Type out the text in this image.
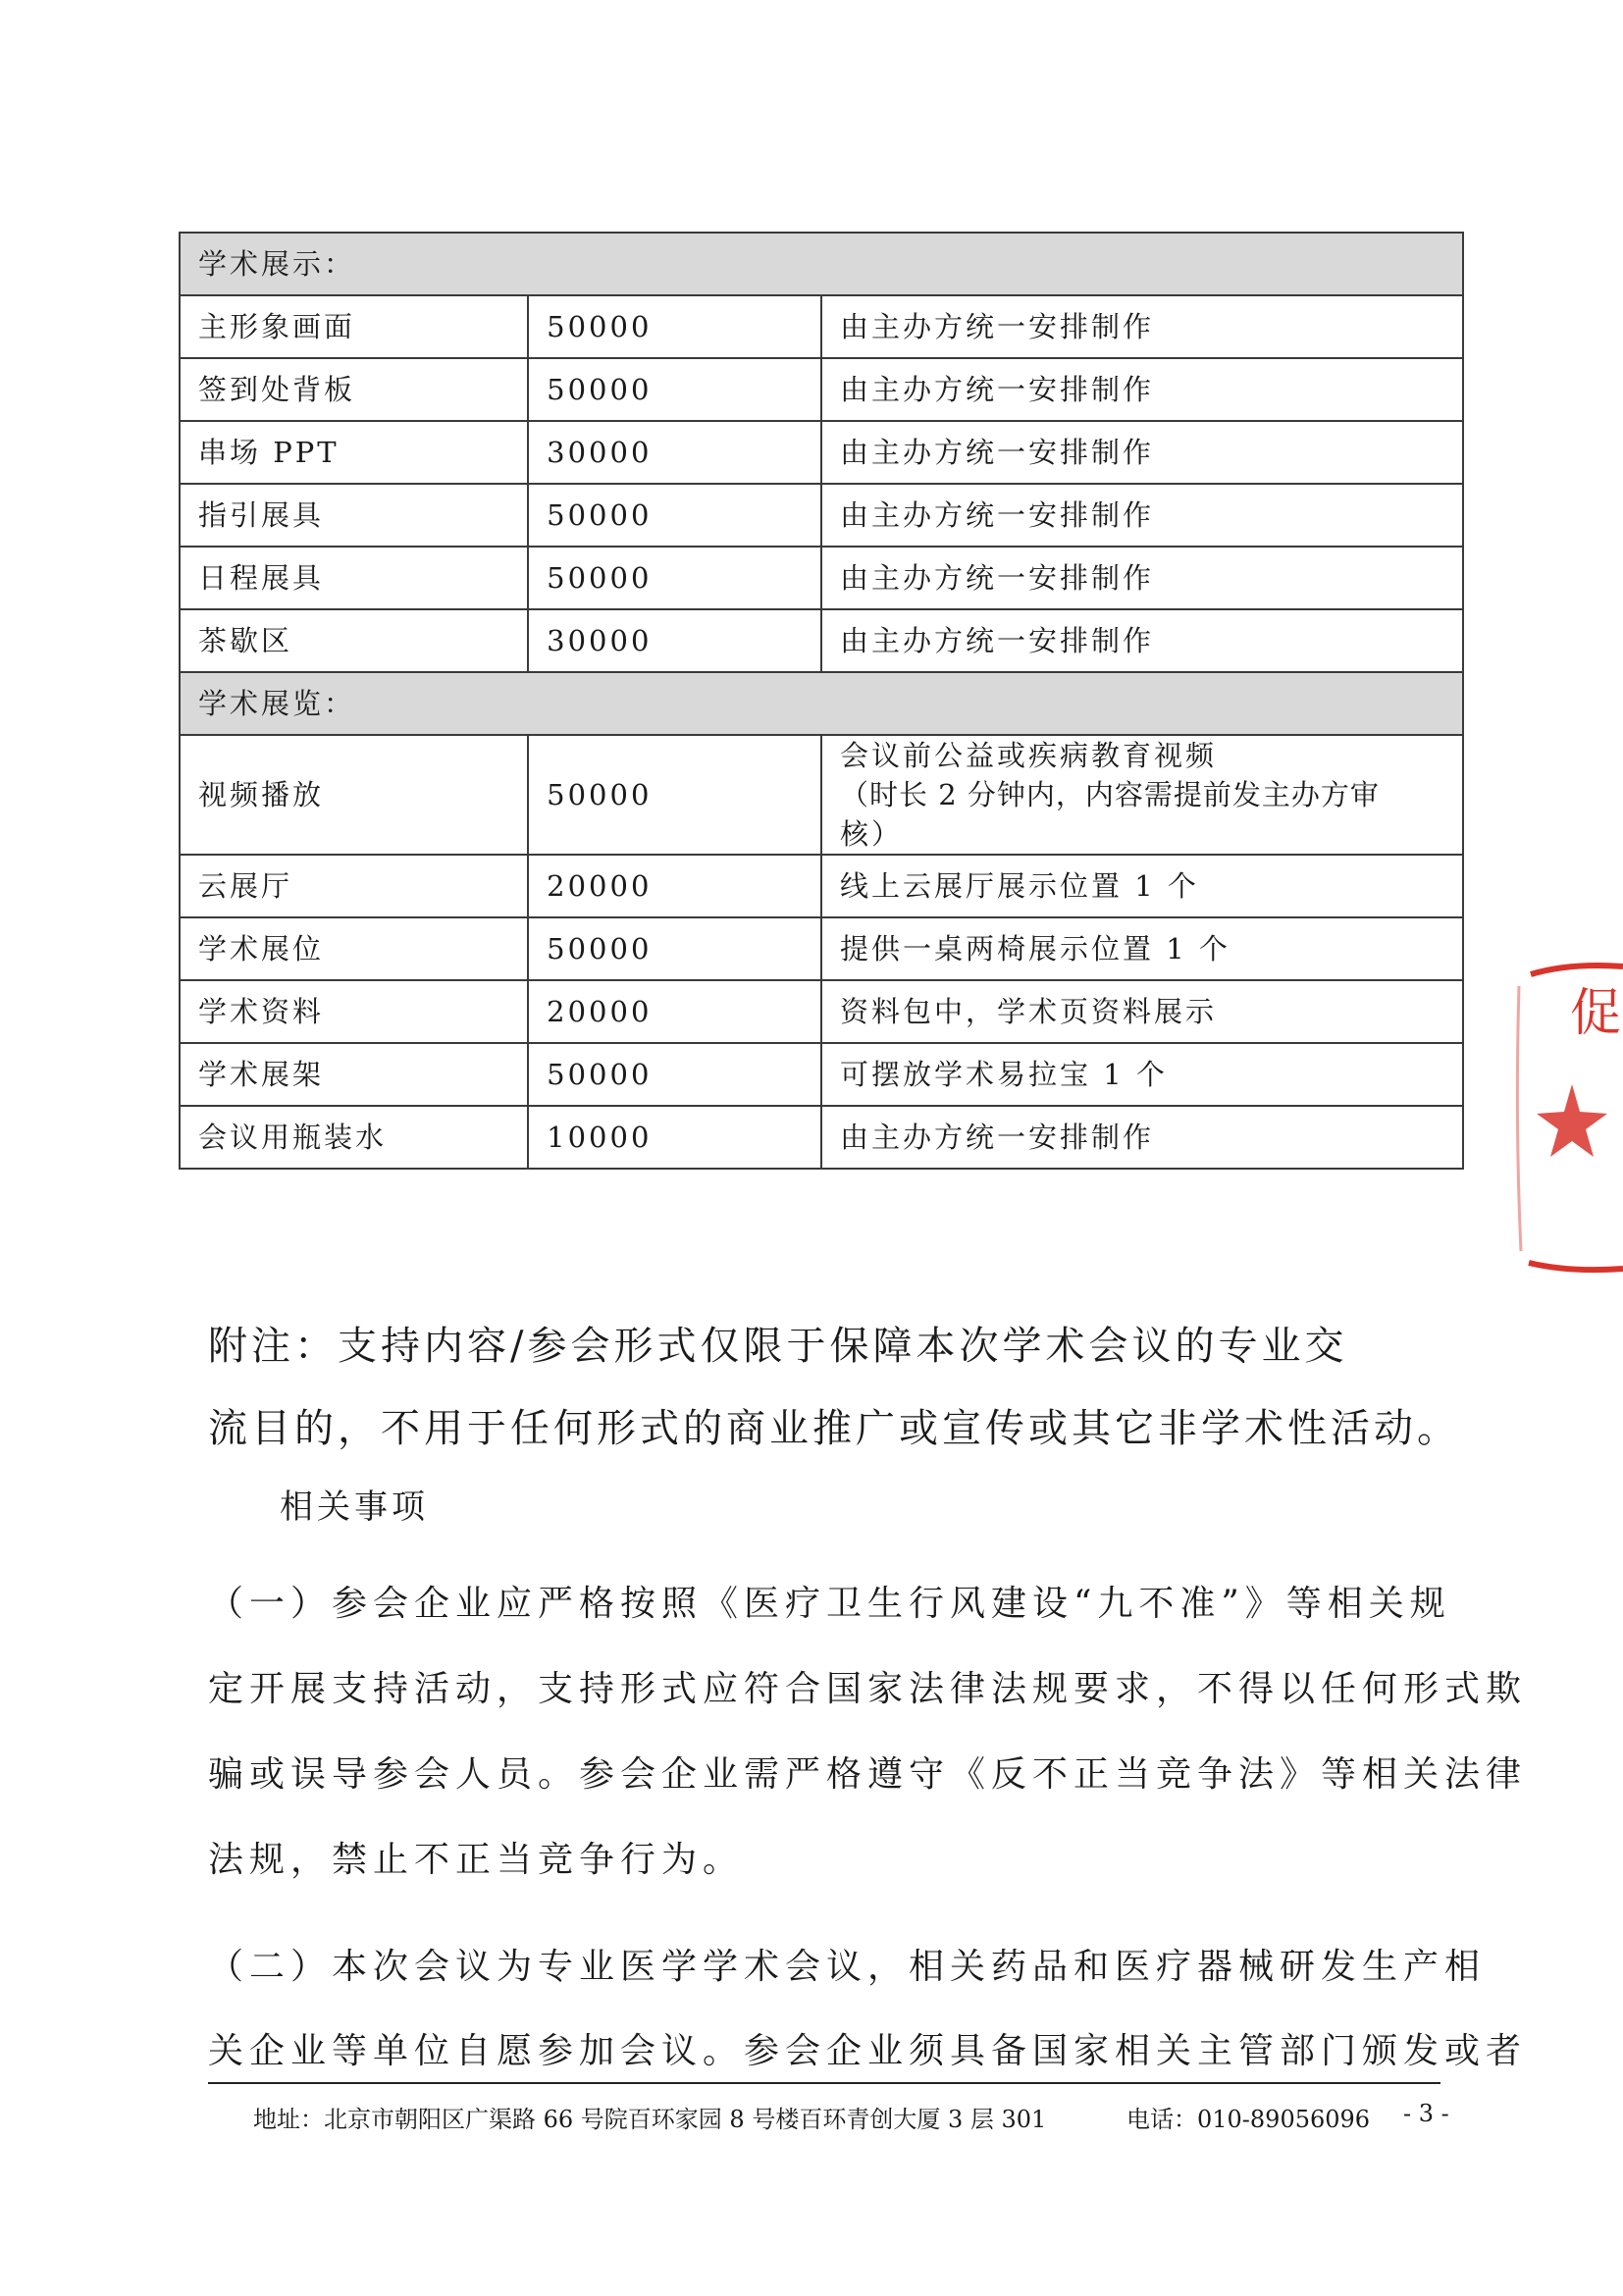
学术展示：		
主形象画面	50000	由主办方统一安排制作
签到处背板	50000	由主办方统一安排制作
串场 PPT	30000	由主办方统一安排制作
指引展具	50000	由主办方统一安排制作
日程展具	50000	由主办方统一安排制作
茶歇区	30000	由主办方统一安排制作
学术展览：		
视频播放	50000	会议前公益或疾病教育视频
（时长 2 分钟内，内容需提前发主办方审
核）

云展厅	20000	线上云展厅展示位置 1 个
学术展位	50000	提供一桌两椅展示位置 1 个
学术资料	20000	资料包中，学术页资料展示
学术展架	50000	可摆放学术易拉宝 1 个
会议用瓶装水	10000	由主办方统一安排制作
附注：支持内容/参会形式仅限于保障本次学术会议的专业交
流目的，不用于任何形式的商业推广或宣传或其它非学术性活动。
相关事项
（一）参会企业应严格按照《医疗卫生行风建设“九不准”》等相关规
定开展支持活动，支持形式应符合国家法律法规要求，不得以任何形式欺
骗或误导参会人员。参会企业需严格遵守《反不正当竞争法》等相关法律
法规，禁止不正当竞争行为。
（二）本次会议为专业医学学术会议，相关药品和医疗器械研发生产相
关企业等单位自愿参加会议。参会企业须具备国家相关主管部门颁发或者
地址：北京市朝阳区广渠路 66 号院百环家园 8 号楼百环青创大厦 3 层 301	电话：010-89056096 - 3 -
促
